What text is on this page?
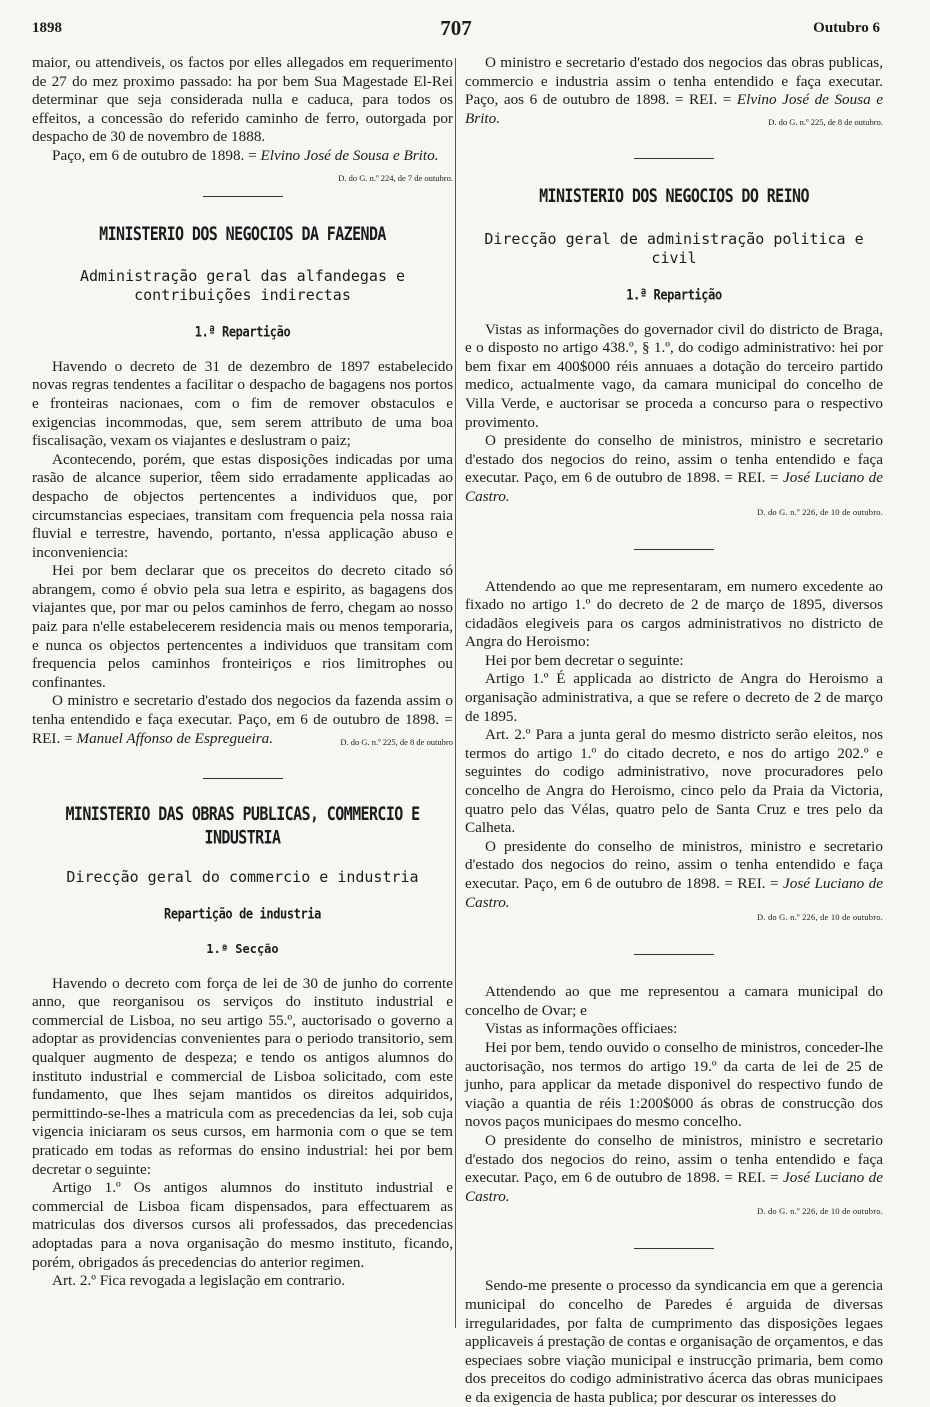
1898	707	Outubro 6

maior, ou attendiveis, os factos por elles allegados em requerimento de 27 do mez proximo passado: ha por bem Sua Magestade El-Rei determinar que seja considerada nulla e caduca, para todos os effeitos, a concessão do referido caminho de ferro, outorgada por despacho de 30 de novembro de 1888.

Paço, em 6 de outubro de 1898. = Elvino José de Sousa e Brito.
D. do G. n.º 224, de 7 de outubro.

MINISTERIO DOS NEGOCIOS DA FAZENDA
Administração geral das alfandegas e contribuições indirectas
1.ª Repartição

Havendo o decreto de 31 de dezembro de 1897 estabelecido novas regras tendentes a facilitar o despacho de bagagens nos portos e fronteiras nacionaes, com o fim de remover obstaculos e exigencias incommodas, que, sem serem attributo de uma boa fiscalisação, vexam os viajantes e deslustram o paiz;

Acontecendo, porém, que estas disposições indicadas por uma rasão de alcance superior, têem sido erradamente applicadas ao despacho de objectos pertencentes a individuos que, por circumstancias especiaes, transitam com frequencia pela nossa raia fluvial e terrestre, havendo, portanto, n'essa applicação abuso e inconveniencia:

Hei por bem declarar que os preceitos do decreto citado só abrangem, como é obvio pela sua letra e espirito, as bagagens dos viajantes que, por mar ou pelos caminhos de ferro, chegam ao nosso paiz para n'elle estabelecerem residencia mais ou menos temporaria, e nunca os objectos pertencentes a individuos que transitam com frequencia pelos caminhos fronteiriços e rios limitrophes ou confinantes.

O ministro e secretario d'estado dos negocios da fazenda assim o tenha entendido e faça executar. Paço, em 6 de outubro de 1898. = REI. = Manuel Affonso de Espregueira.	D. do G. n.º 225, de 8 de outubro

MINISTERIO DAS OBRAS PUBLICAS, COMMERCIO E INDUSTRIA
Direcção geral do commercio e industria
Repartição de industria
1.ª Secção

Havendo o decreto com força de lei de 30 de junho do corrente anno, que reorganisou os serviços do instituto industrial e commercial de Lisboa, no seu artigo 55.º, auctorisado o governo a adoptar as providencias convenientes para o periodo transitorio, sem qualquer augmento de despeza; e tendo os antigos alumnos do instituto industrial e commercial de Lisboa solicitado, com este fundamento, que lhes sejam mantidos os direitos adquiridos, permittindo-se-lhes a matricula com as precedencias da lei, sob cuja vigencia iniciaram os seus cursos, em harmonia com o que se tem praticado em todas as reformas do ensino industrial: hei por bem decretar o seguinte:

Artigo 1.º Os antigos alumnos do instituto industrial e commercial de Lisboa ficam dispensados, para effectuarem as matriculas dos diversos cursos ali professados, das precedencias adoptadas para a nova organisação do mesmo instituto, ficando, porém, obrigados ás precedencias do anterior regimen.

Art. 2.º Fica revogada a legislação em contrario.

O ministro e secretario d'estado dos negocios das obras publicas, commercio e industria assim o tenha entendido e faça executar. Paço, aos 6 de outubro de 1898. = REI. = Elvino José de Sousa e Brito.	D. do G. n.º 225, de 8 de outubro.

MINISTERIO DOS NEGOCIOS DO REINO
Direcção geral de administração politica e civil
1.ª Repartição

Vistas as informações do governador civil do districto de Braga, e o disposto no artigo 438.º, § 1.º, do codigo administrativo: hei por bem fixar em 400$000 réis annuaes a dotação do terceiro partido medico, actualmente vago, da camara municipal do concelho de Villa Verde, e auctorisar se proceda a concurso para o respectivo provimento.

O presidente do conselho de ministros, ministro e secretario d'estado dos negocios do reino, assim o tenha entendido e faça executar. Paço, em 6 de outubro de 1898. = REI. = José Luciano de Castro.

D. do G. n.º 226, de 10 de outubro.

Attendendo ao que me representaram, em numero excedente ao fixado no artigo 1.º do decreto de 2 de março de 1895, diversos cidadãos elegiveis para os cargos administrativos no districto de Angra do Heroismo:

Hei por bem decretar o seguinte:

Artigo 1.º É applicada ao districto de Angra do Heroismo a organisação administrativa, a que se refere o decreto de 2 de março de 1895.

Art. 2.º Para a junta geral do mesmo districto serão eleitos, nos termos do artigo 1.º do citado decreto, e nos do artigo 202.º e seguintes do codigo administrativo, nove procuradores pelo concelho de Angra do Heroismo, cinco pelo da Praia da Victoria, quatro pelo das Vélas, quatro pelo de Santa Cruz e tres pelo da Calheta.

O presidente do conselho de ministros, ministro e secretario d'estado dos negocios do reino, assim o tenha entendido e faça executar. Paço, em 6 de outubro de 1898. = REI. = José Luciano de Castro.

D. do G. n.º 226, de 10 de outubro.

Attendendo ao que me representou a camara municipal do concelho de Ovar; e

Vistas as informações officiaes:

Hei por bem, tendo ouvido o conselho de ministros, conceder-lhe auctorisação, nos termos do artigo 19.º da carta de lei de 25 de junho, para applicar da metade disponivel do respectivo fundo de viação a quantia de réis 1:200$000 ás obras de construcção dos novos paços municipaes do mesmo concelho.

O presidente do conselho de ministros, ministro e secretario d'estado dos negocios do reino, assim o tenha entendido e faça executar. Paço, em 6 de outubro de 1898. = REI. = José Luciano de Castro.

D. do G. n.º 226, de 10 de outubro.

Sendo-me presente o processo da syndicancia em que a gerencia municipal do concelho de Paredes é arguida de diversas irregularidades, por falta de cumprimento das disposições legaes applicaveis á prestação de contas e organisação de orçamentos, e das especiaes sobre viação municipal e instrucção primaria, bem como dos preceitos do codigo administrativo ácerca das obras municipaes e da exigencia de hasta publica; por descurar os interesses do
